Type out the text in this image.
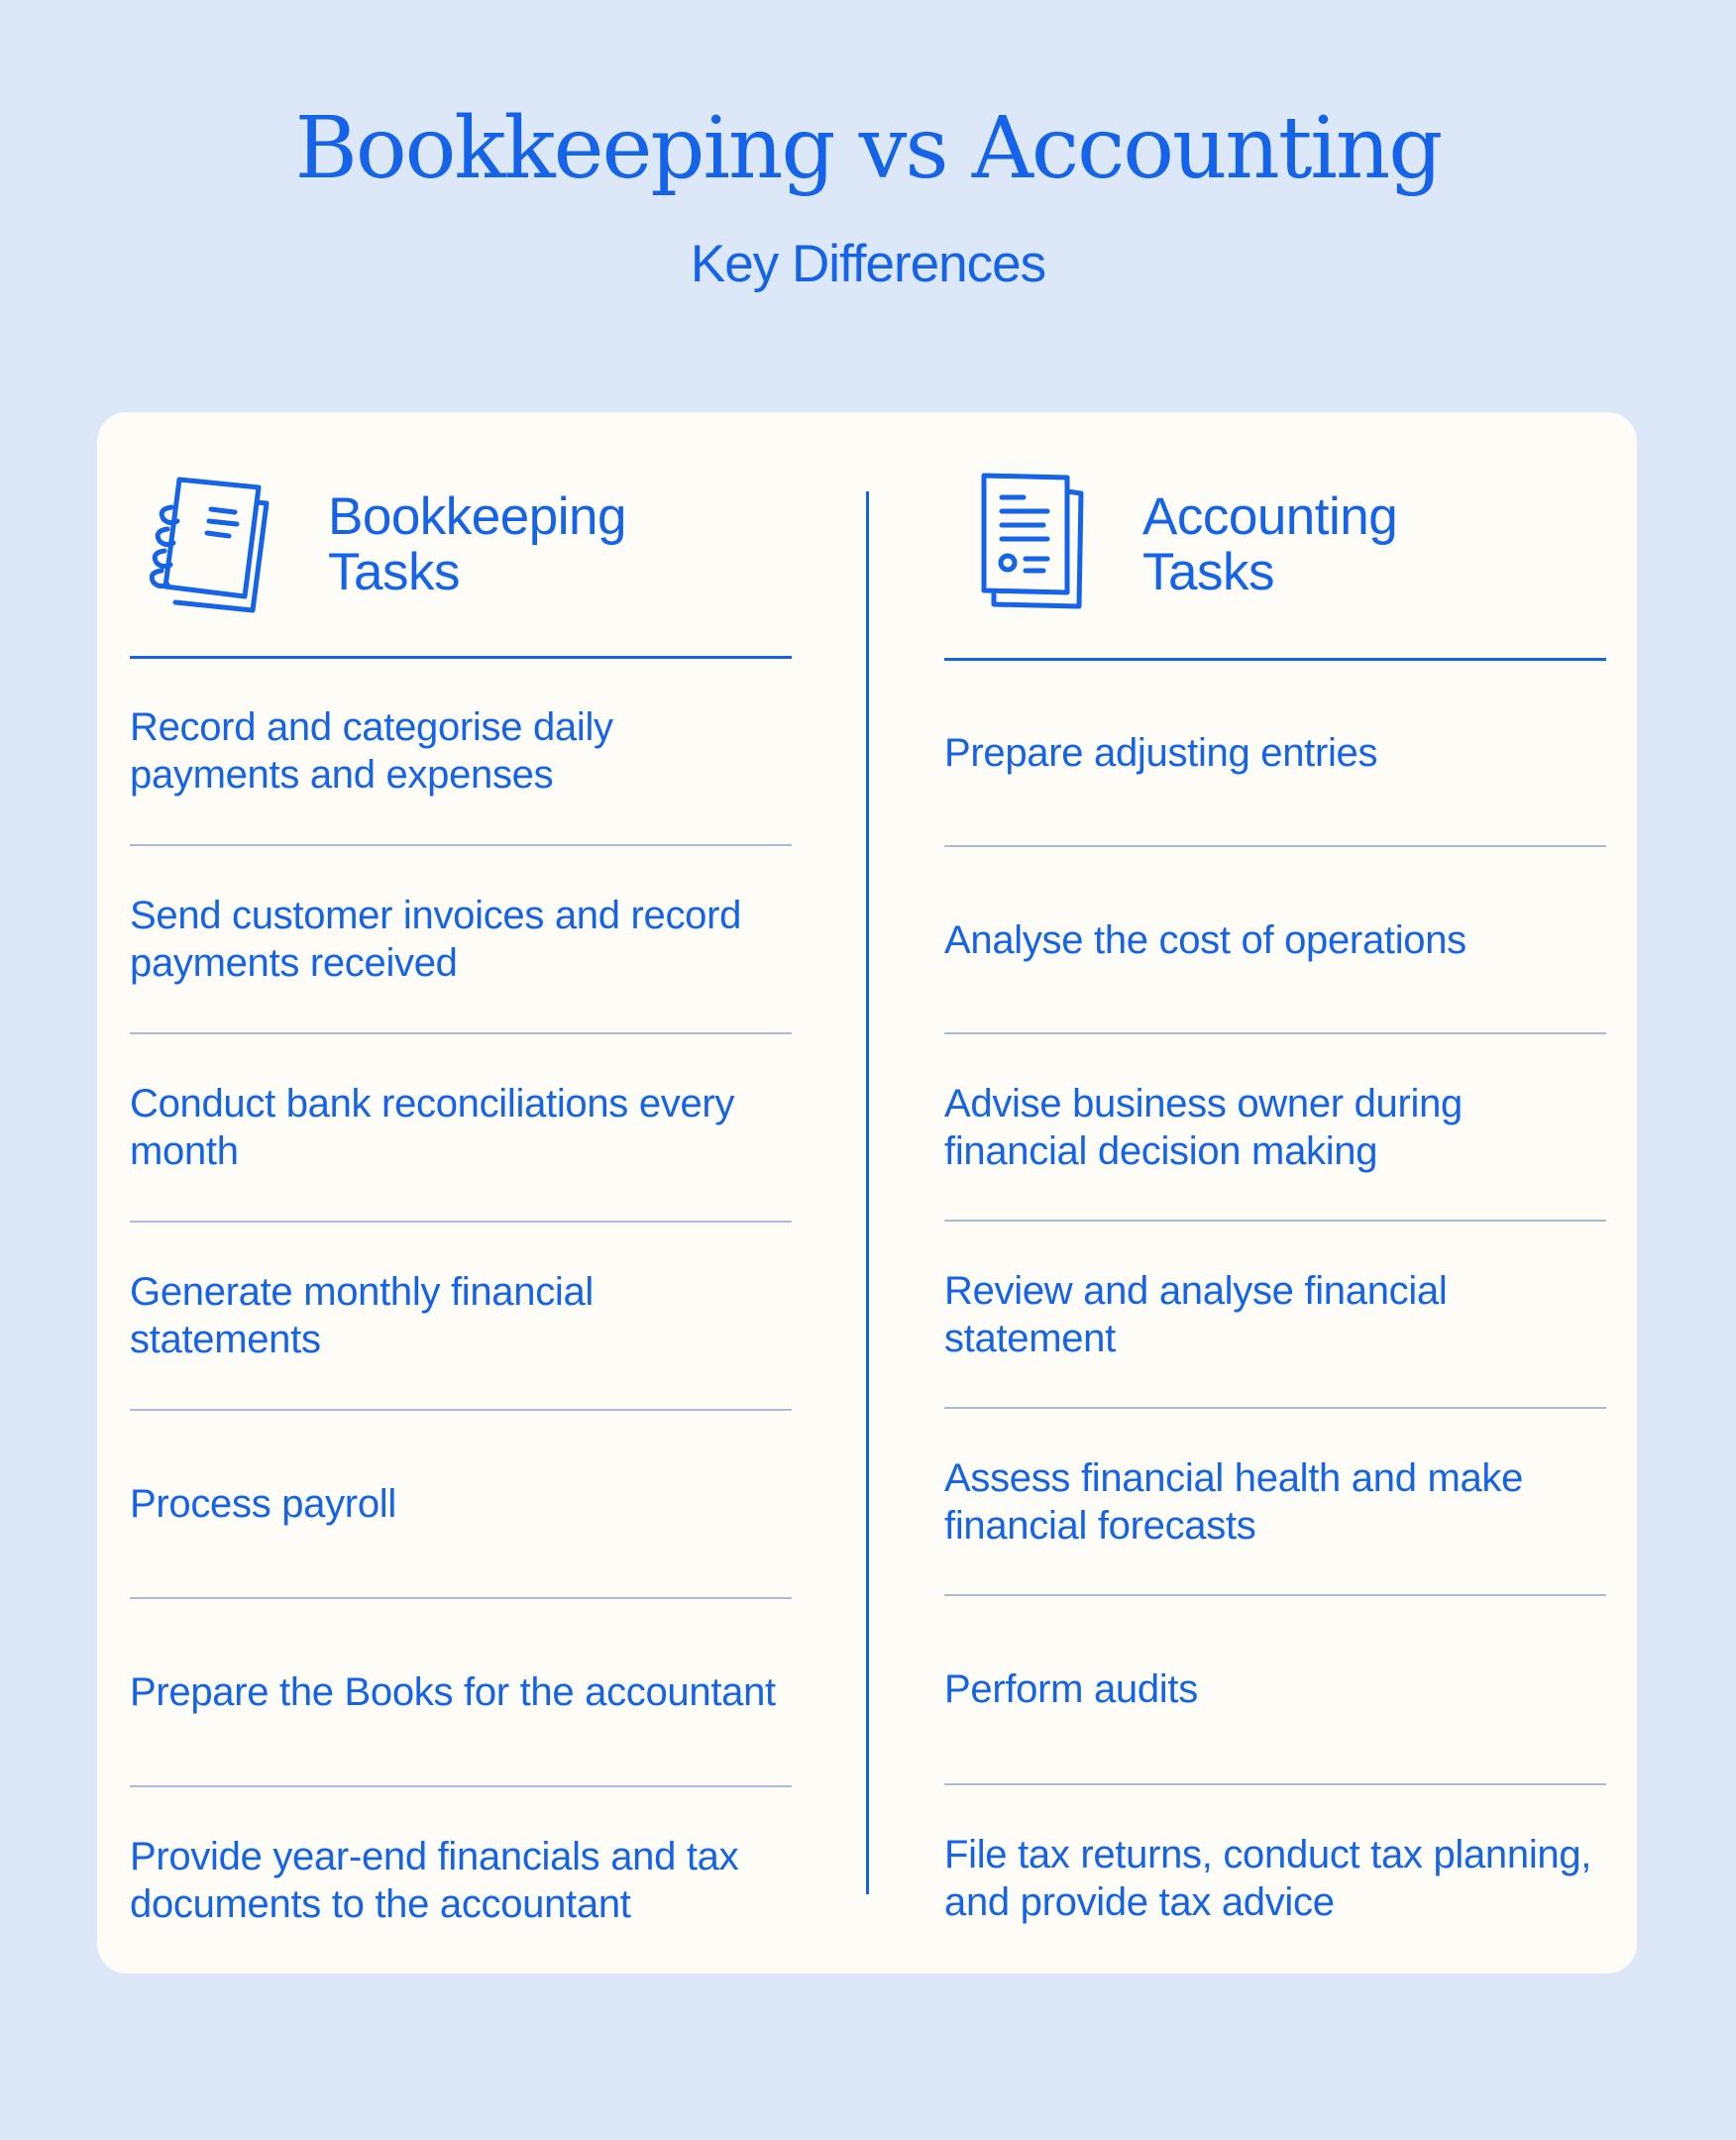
Bookkeeping vs Accounting
Key Differences
Bookkeeping
Tasks
Record and categorise daily payments and expenses
Send customer invoices and record payments received
Conduct bank reconciliations every month
Generate monthly financial statements
Process payroll
Prepare the Books for the accountant
Provide year-end financials and tax documents to the accountant
Accounting
Tasks
Prepare adjusting entries
Analyse the cost of operations
Advise business owner during financial decision making
Review and analyse financial statement
Assess financial health and make financial forecasts
Perform audits
File tax returns, conduct tax planning, and provide tax advice
